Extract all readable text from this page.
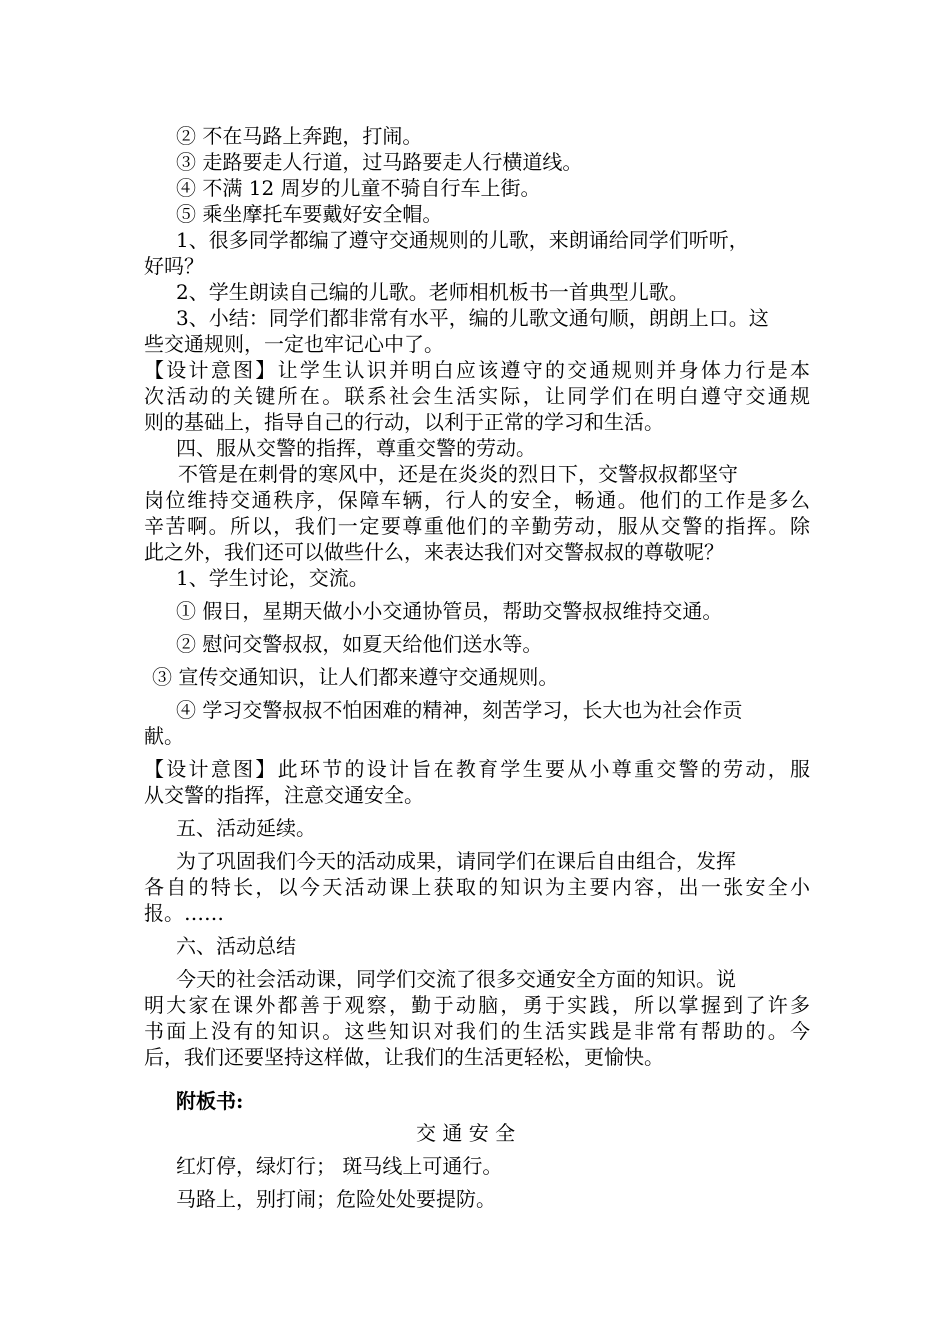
② 不在马路上奔跑，打闹。

③ 走路要走人行道，过马路要走人行横道线。

④ 不满 12 周岁的儿童不骑自行车上街。

⑤ 乘坐摩托车要戴好安全帽。

1、很多同学都编了遵守交通规则的儿歌，来朗诵给同学们听听，

好吗？

2、学生朗读自己编的儿歌。老师相机板书一首典型儿歌。

3、小结：同学们都非常有水平，编的儿歌文通句顺，朗朗上口。这

些交通规则，一定也牢记心中了。

【设计意图】让学生认识并明白应该遵守的交通规则并身体力行是本

次活动的关键所在。联系社会生活实际，让同学们在明白遵守交通规

则的基础上，指导自己的行动，以利于正常的学习和生活。

四、服从交警的指挥，尊重交警的劳动。

不管是在刺骨的寒风中，还是在炎炎的烈日下，交警叔叔都坚守

岗位维持交通秩序，保障车辆，行人的安全，畅通。他们的工作是多么

辛苦啊。所以，我们一定要尊重他们的辛勤劳动，服从交警的指挥。除

此之外，我们还可以做些什么，来表达我们对交警叔叔的尊敬呢？

1、学生讨论，交流。

① 假日，星期天做小小交通协管员，帮助交警叔叔维持交通。

② 慰问交警叔叔，如夏天给他们送水等。

③ 宣传交通知识，让人们都来遵守交通规则。

④ 学习交警叔叔不怕困难的精神，刻苦学习，长大也为社会作贡

献。

【设计意图】此环节的设计旨在教育学生要从小尊重交警的劳动，服

从交警的指挥，注意交通安全。

五、活动延续。

为了巩固我们今天的活动成果，请同学们在课后自由组合，发挥

各自的特长，以今天活动课上获取的知识为主要内容，出一张安全小

报。……

六、活动总结

今天的社会活动课，同学们交流了很多交通安全方面的知识。说

明大家在课外都善于观察，勤于动脑，勇于实践，所以掌握到了许多

书面上没有的知识。这些知识对我们的生活实践是非常有帮助的。今

后，我们还要坚持这样做，让我们的生活更轻松，更愉快。

附板书:

交 通 安 全

红灯停，绿灯行； 斑马线上可通行。

马路上，别打闹；危险处处要提防。
